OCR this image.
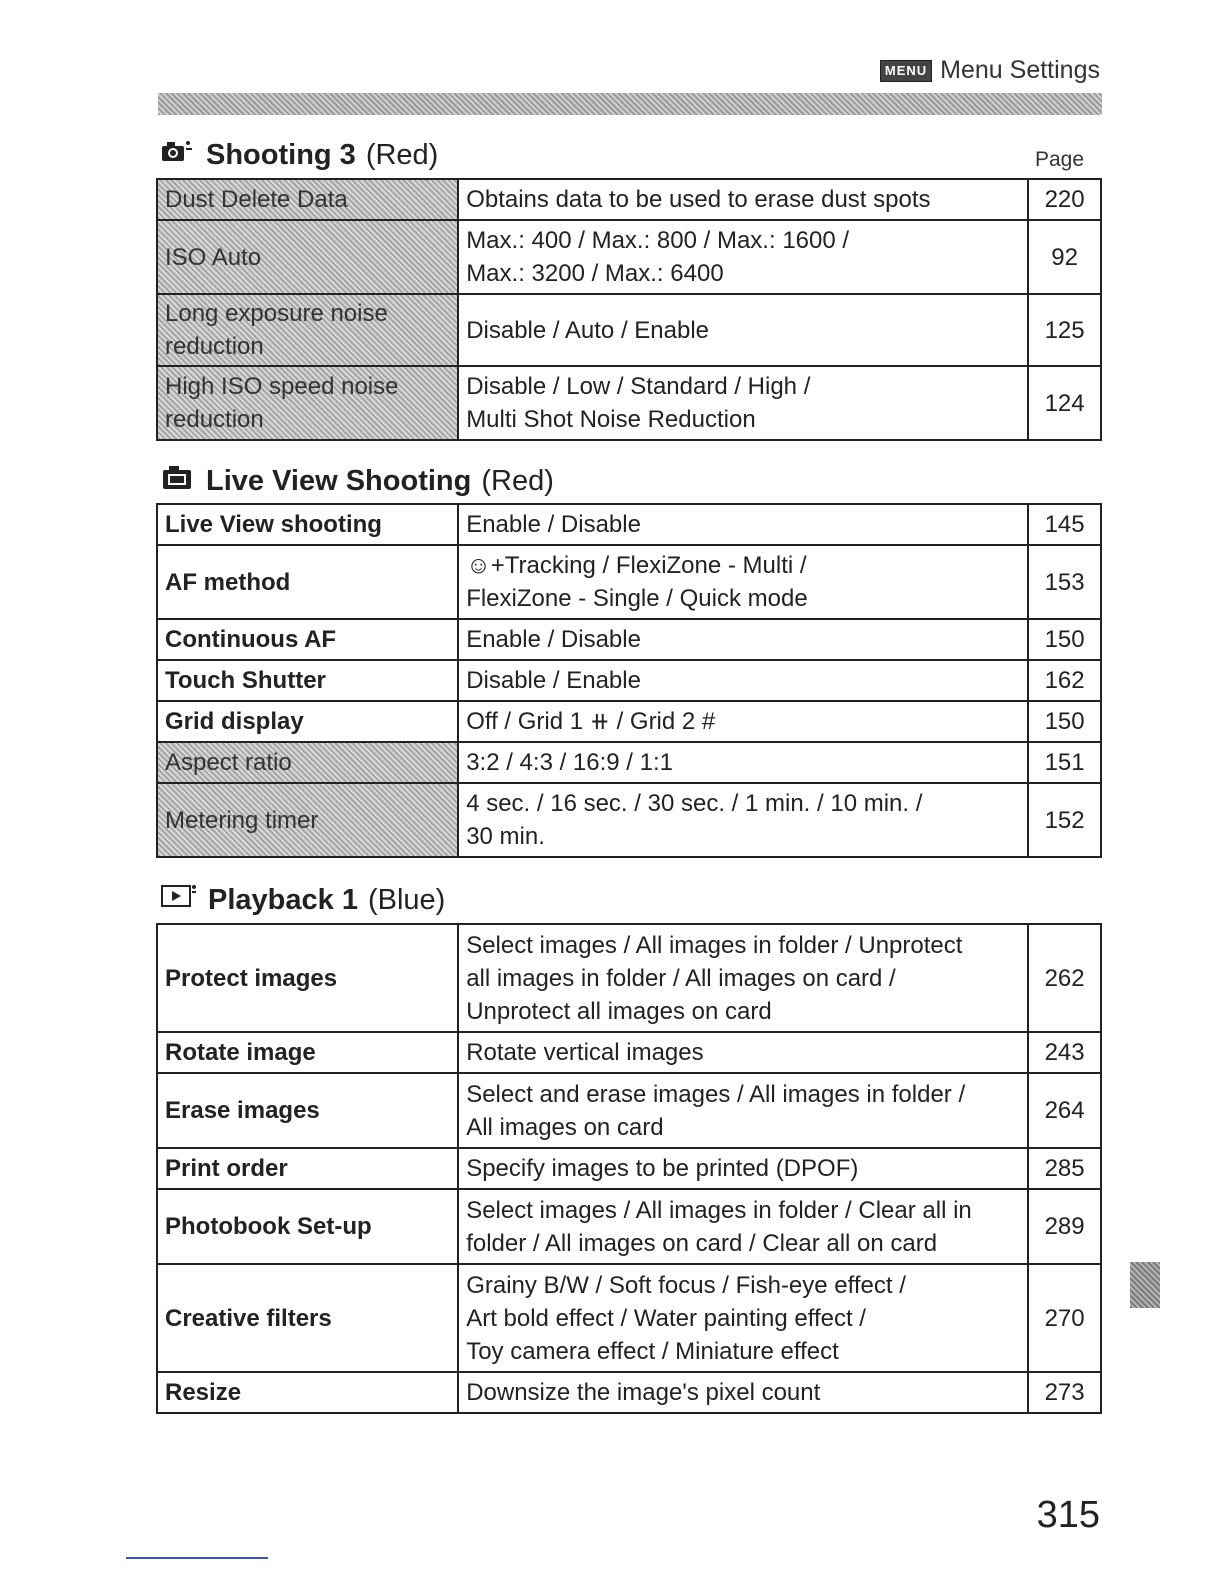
MENU Menu Settings
Shooting 3 (Red)	Page
Dust Delete Data	Obtains data to be used to erase dust spots	220
ISO Auto	Max.: 400 / Max.: 800 / Max.: 1600 /
Max.: 3200 / Max.: 6400	92
Long exposure noise reduction	Disable / Auto / Enable	125
High ISO speed noise reduction	Disable / Low / Standard / High /
Multi Shot Noise Reduction	124
Live View Shooting (Red)
Live View shooting	Enable / Disable	145
AF method	☺+Tracking / FlexiZone - Multi /
FlexiZone - Single / Quick mode	153
Continuous AF	Enable / Disable	150
Touch Shutter	Disable / Enable	162
Grid display	Off / Grid 1 ⧺ / Grid 2 #	150
Aspect ratio	3:2 / 4:3 / 16:9 / 1:1	151
Metering timer	4 sec. / 16 sec. / 30 sec. / 1 min. / 10 min. /
30 min.	152
Playback 1 (Blue)
Protect images	Select images / All images in folder / Unprotect
all images in folder / All images on card /
Unprotect all images on card	262
Rotate image	Rotate vertical images	243
Erase images	Select and erase images / All images in folder /
All images on card	264
Print order	Specify images to be printed (DPOF)	285
Photobook Set-up	Select images / All images in folder / Clear all in
folder / All images on card / Clear all on card	289
Creative filters	Grainy B/W / Soft focus / Fish-eye effect /
Art bold effect / Water painting effect /
Toy camera effect / Miniature effect	270
Resize	Downsize the image's pixel count	273
315
